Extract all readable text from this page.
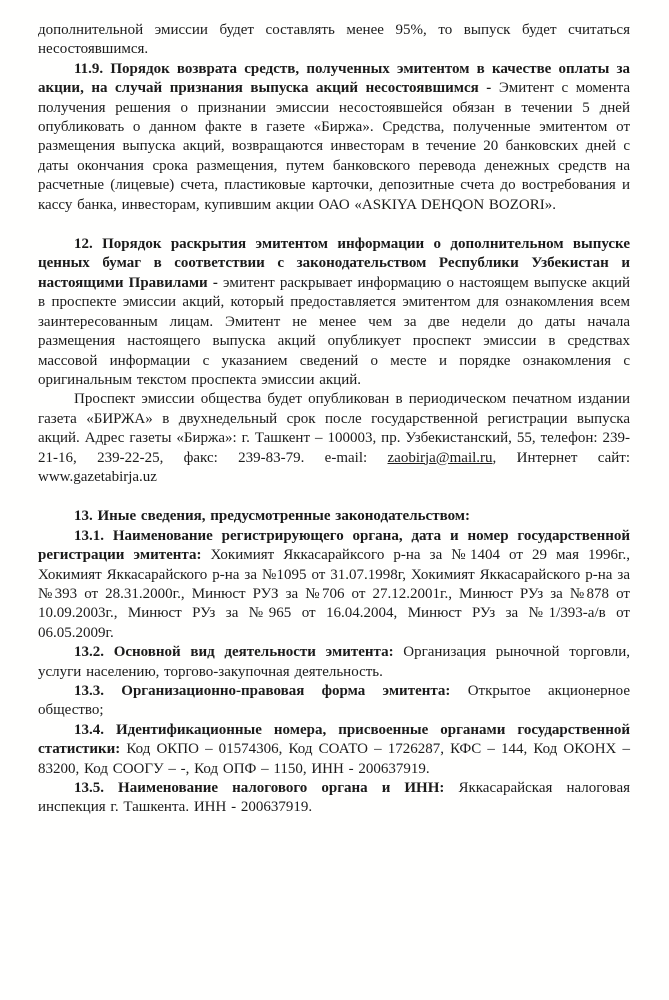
дополнительной эмиссии будет составлять менее 95%, то выпуск будет считаться несостоявшимся.

11.9. Порядок возврата средств, полученных эмитентом в качестве оплаты за акции, на случай признания выпуска акций несостоявшимся - Эмитент с момента получения решения о признании эмиссии несостоявшейся обязан в течении 5 дней опубликовать о данном факте в газете «Биржа». Средства, полученные эмитентом от размещения выпуска акций, возвращаются инвесторам в течение 20 банковских дней с даты окончания срока размещения, путем банковского перевода денежных средств на расчетные (лицевые) счета, пластиковые карточки, депозитные счета до востребования и кассу банка, инвесторам, купившим акции ОАО «ASKIYA DEHQON BOZORI».

12. Порядок раскрытия эмитентом информации о дополнительном выпуске ценных бумаг в соответствии с законодательством Республики Узбекистан и настоящими Правилами - эмитент раскрывает информацию о настоящем выпуске акций в проспекте эмиссии акций, который предоставляется эмитентом для ознакомления всем заинтересованным лицам. Эмитент не менее чем за две недели до даты начала размещения настоящего выпуска акций опубликует проспект эмиссии в средствах массовой информации с указанием сведений о месте и порядке ознакомления с оригинальным текстом проспекта эмиссии акций.

Проспект эмиссии общества будет опубликован в периодическом печатном издании газета «БИРЖА» в двухнедельный срок после государственной регистрации выпуска акций. Адрес газеты «Биржа»: г. Ташкент – 100003, пр. Узбекистанский, 55, телефон: 239-21-16, 239-22-25, факс: 239-83-79. e-mail: zaobirja@mail.ru, Интернет сайт: www.gazetabirja.uz

13. Иные сведения, предусмотренные законодательством:

13.1. Наименование регистрирующего органа, дата и номер государственной регистрации эмитента: Хокимият Яккасарайксого р-на за №1404 от 29 мая 1996г., Хокимият Яккасарайского р-на за №1095 от 31.07.1998г, Хокимият Яккасарайского р-на за №393 от 28.31.2000г., Минюст РУЗ за №706 от 27.12.2001г., Минюст РУз за №878 от 10.09.2003г., Минюст РУз за №965 от 16.04.2004, Минюст РУз за №1/393-а/в от 06.05.2009г.

13.2. Основной вид деятельности эмитента: Организация рыночной торговли, услуги населению, торгово-закупочная деятельность.

13.3. Организационно-правовая форма эмитента: Открытое акционерное общество;

13.4. Идентификационные номера, присвоенные органами государственной статистики: Код ОКПО – 01574306, Код СОАТО – 1726287, КФС – 144, Код ОКОНХ – 83200, Код СООГУ – -, Код ОПФ – 1150, ИНН - 200637919.

13.5. Наименование налогового органа и ИНН: Яккасарайская налоговая инспекция г. Ташкента. ИНН - 200637919.
